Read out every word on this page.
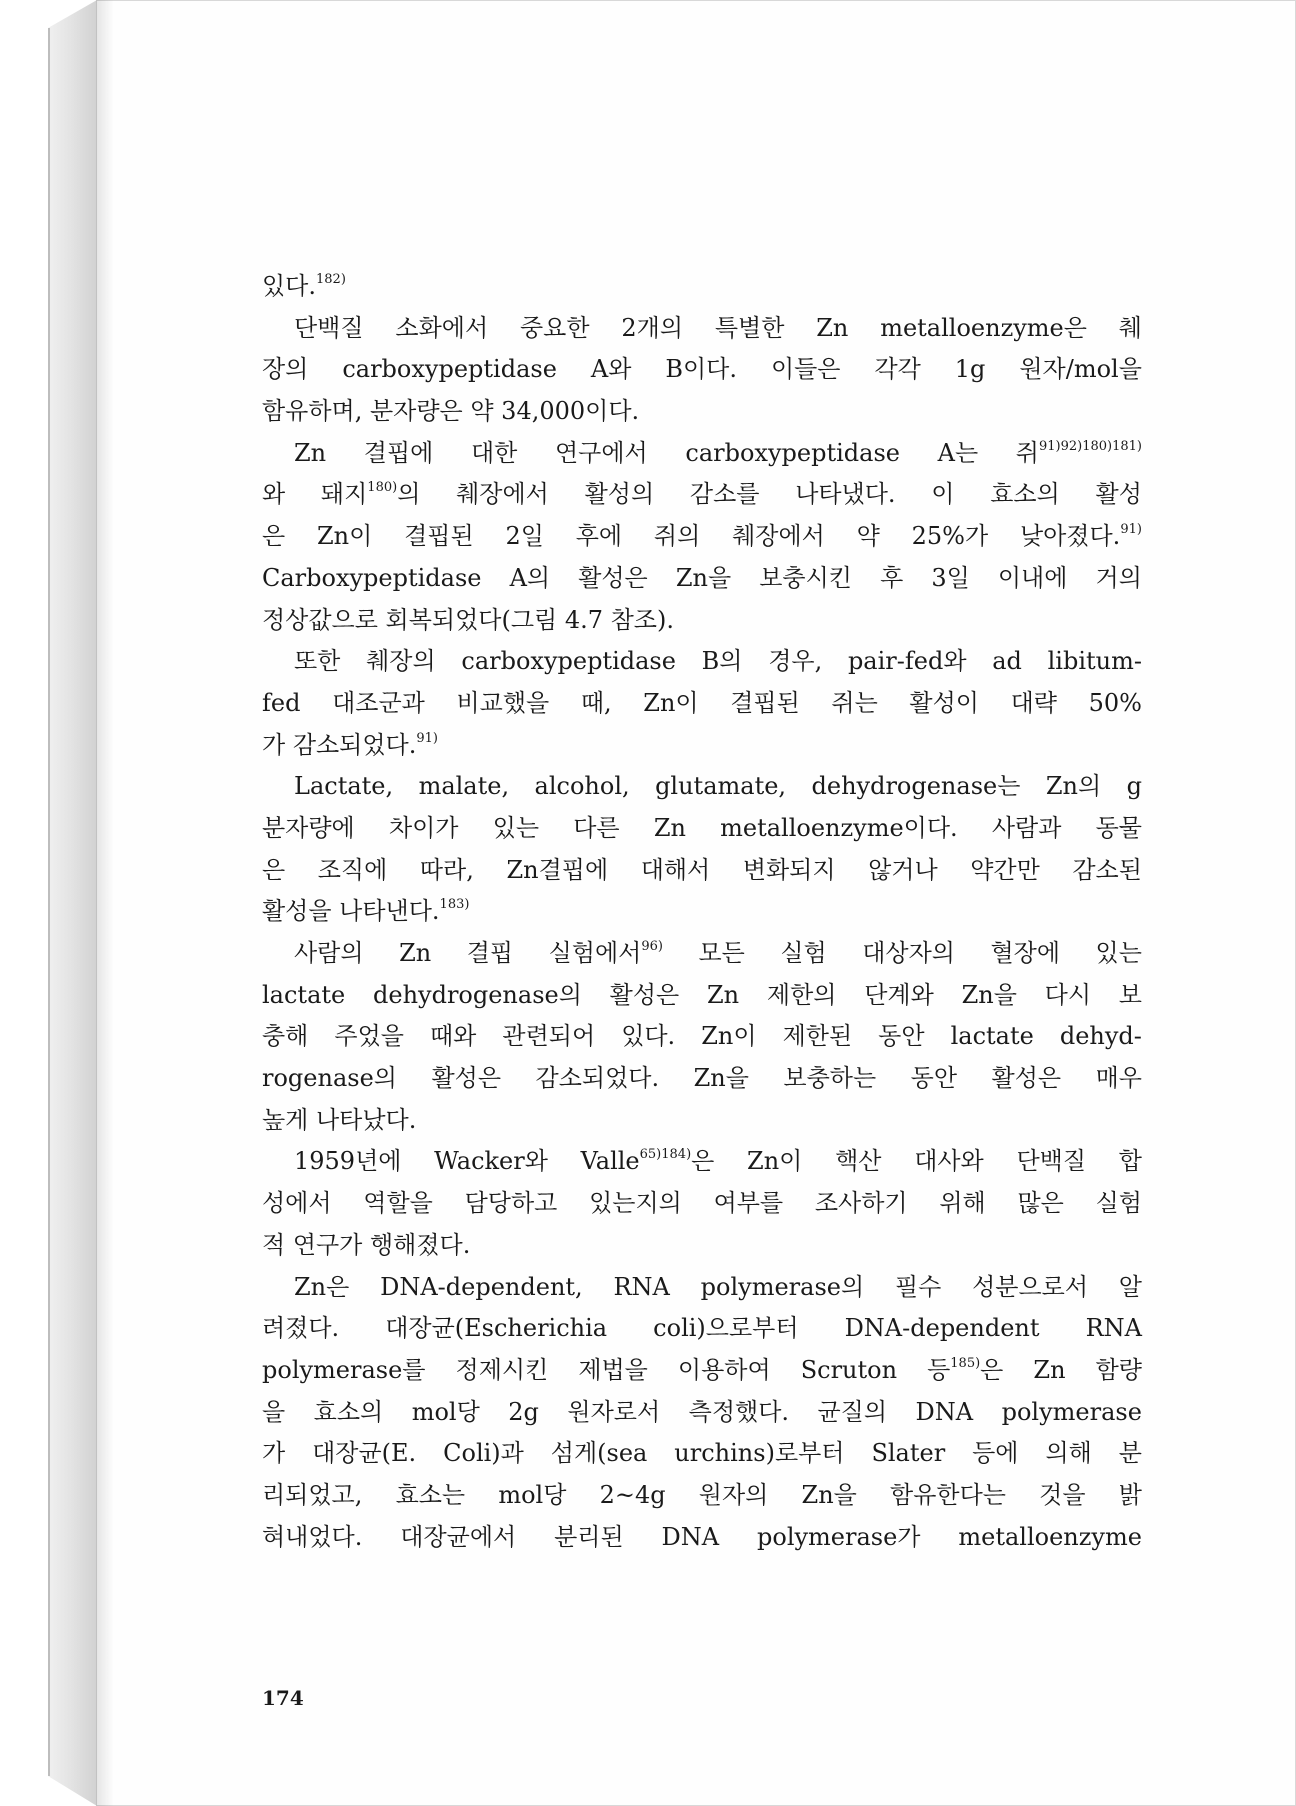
있다.$^{182)}$
단백질 소화에서 중요한 2개의 특별한 Zn metalloenzyme은 췌
장의 carboxypeptidase A와 B이다. 이들은 각각 1g 원자/mol을
함유하며, 분자량은 약 34,000이다.
Zn 결핍에 대한 연구에서 carboxypeptidase A는 쥐$^{91)92)180)181)}$
와 돼지$^{180)}$의 췌장에서 활성의 감소를 나타냈다. 이 효소의 활성
은 Zn이 결핍된 2일 후에 쥐의 췌장에서 약 25%가 낮아졌다.$^{91)}$
Carboxypeptidase A의 활성은 Zn을 보충시킨 후 3일 이내에 거의
정상값으로 회복되었다(그림 4.7 참조).
또한 췌장의 carboxypeptidase B의 경우, pair-fed와 ad libitum-
fed 대조군과 비교했을 때, Zn이 결핍된 쥐는 활성이 대략 50%
가 감소되었다.$^{91)}$
Lactate, malate, alcohol, glutamate, dehydrogenase는 Zn의 g
분자량에 차이가 있는 다른 Zn metalloenzyme이다. 사람과 동물
은 조직에 따라, Zn결핍에 대해서 변화되지 않거나 약간만 감소된
활성을 나타낸다.$^{183)}$
사람의 Zn 결핍 실험에서$^{96)}$ 모든 실험 대상자의 혈장에 있는
lactate dehydrogenase의 활성은 Zn 제한의 단계와 Zn을 다시 보
충해 주었을 때와 관련되어 있다. Zn이 제한된 동안 lactate dehyd-
rogenase의 활성은 감소되었다. Zn을 보충하는 동안 활성은 매우
높게 나타났다.
1959년에 Wacker와 Valle$^{65)184)}$은 Zn이 핵산 대사와 단백질 합
성에서 역할을 담당하고 있는지의 여부를 조사하기 위해 많은 실험
적 연구가 행해졌다.
Zn은 DNA-dependent, RNA polymerase의 필수 성분으로서 알
려졌다. 대장균(Escherichia coli)으로부터 DNA-dependent RNA
polymerase를 정제시킨 제법을 이용하여 Scruton 등$^{185)}$은 Zn 함량
을 효소의 mol당 2g 원자로서 측정했다. 균질의 DNA polymerase
가 대장균(E. Coli)과 섬게(sea urchins)로부터 Slater 등에 의해 분
리되었고, 효소는 mol당 2~4g 원자의 Zn을 함유한다는 것을 밝
혀내었다. 대장균에서 분리된 DNA polymerase가 metalloenzyme
174
